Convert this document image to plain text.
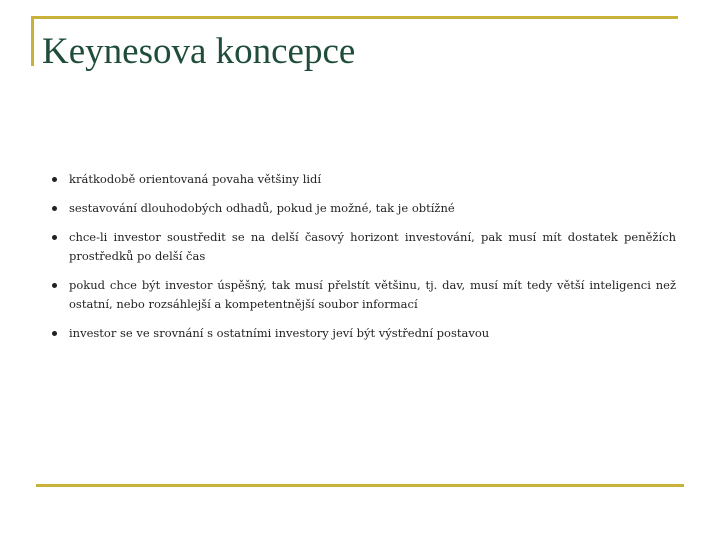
Keynesova koncepce
krátkodobě orientovaná povaha většiny lidí
sestavování dlouhodobých odhadů, pokud je možné, tak je obtížné
chce-li investor soustředit se na delší časový horizont investování, pak musí mít dostatek peněžích prostředků po delší čas
pokud chce být investor úspěšný, tak musí přelstít většinu, tj. dav, musí mít tedy větší inteligenci než ostatní, nebo rozsáhlejší a kompetentnější soubor informací
investor se ve srovnání s ostatními investory jeví být výstřední postavou
